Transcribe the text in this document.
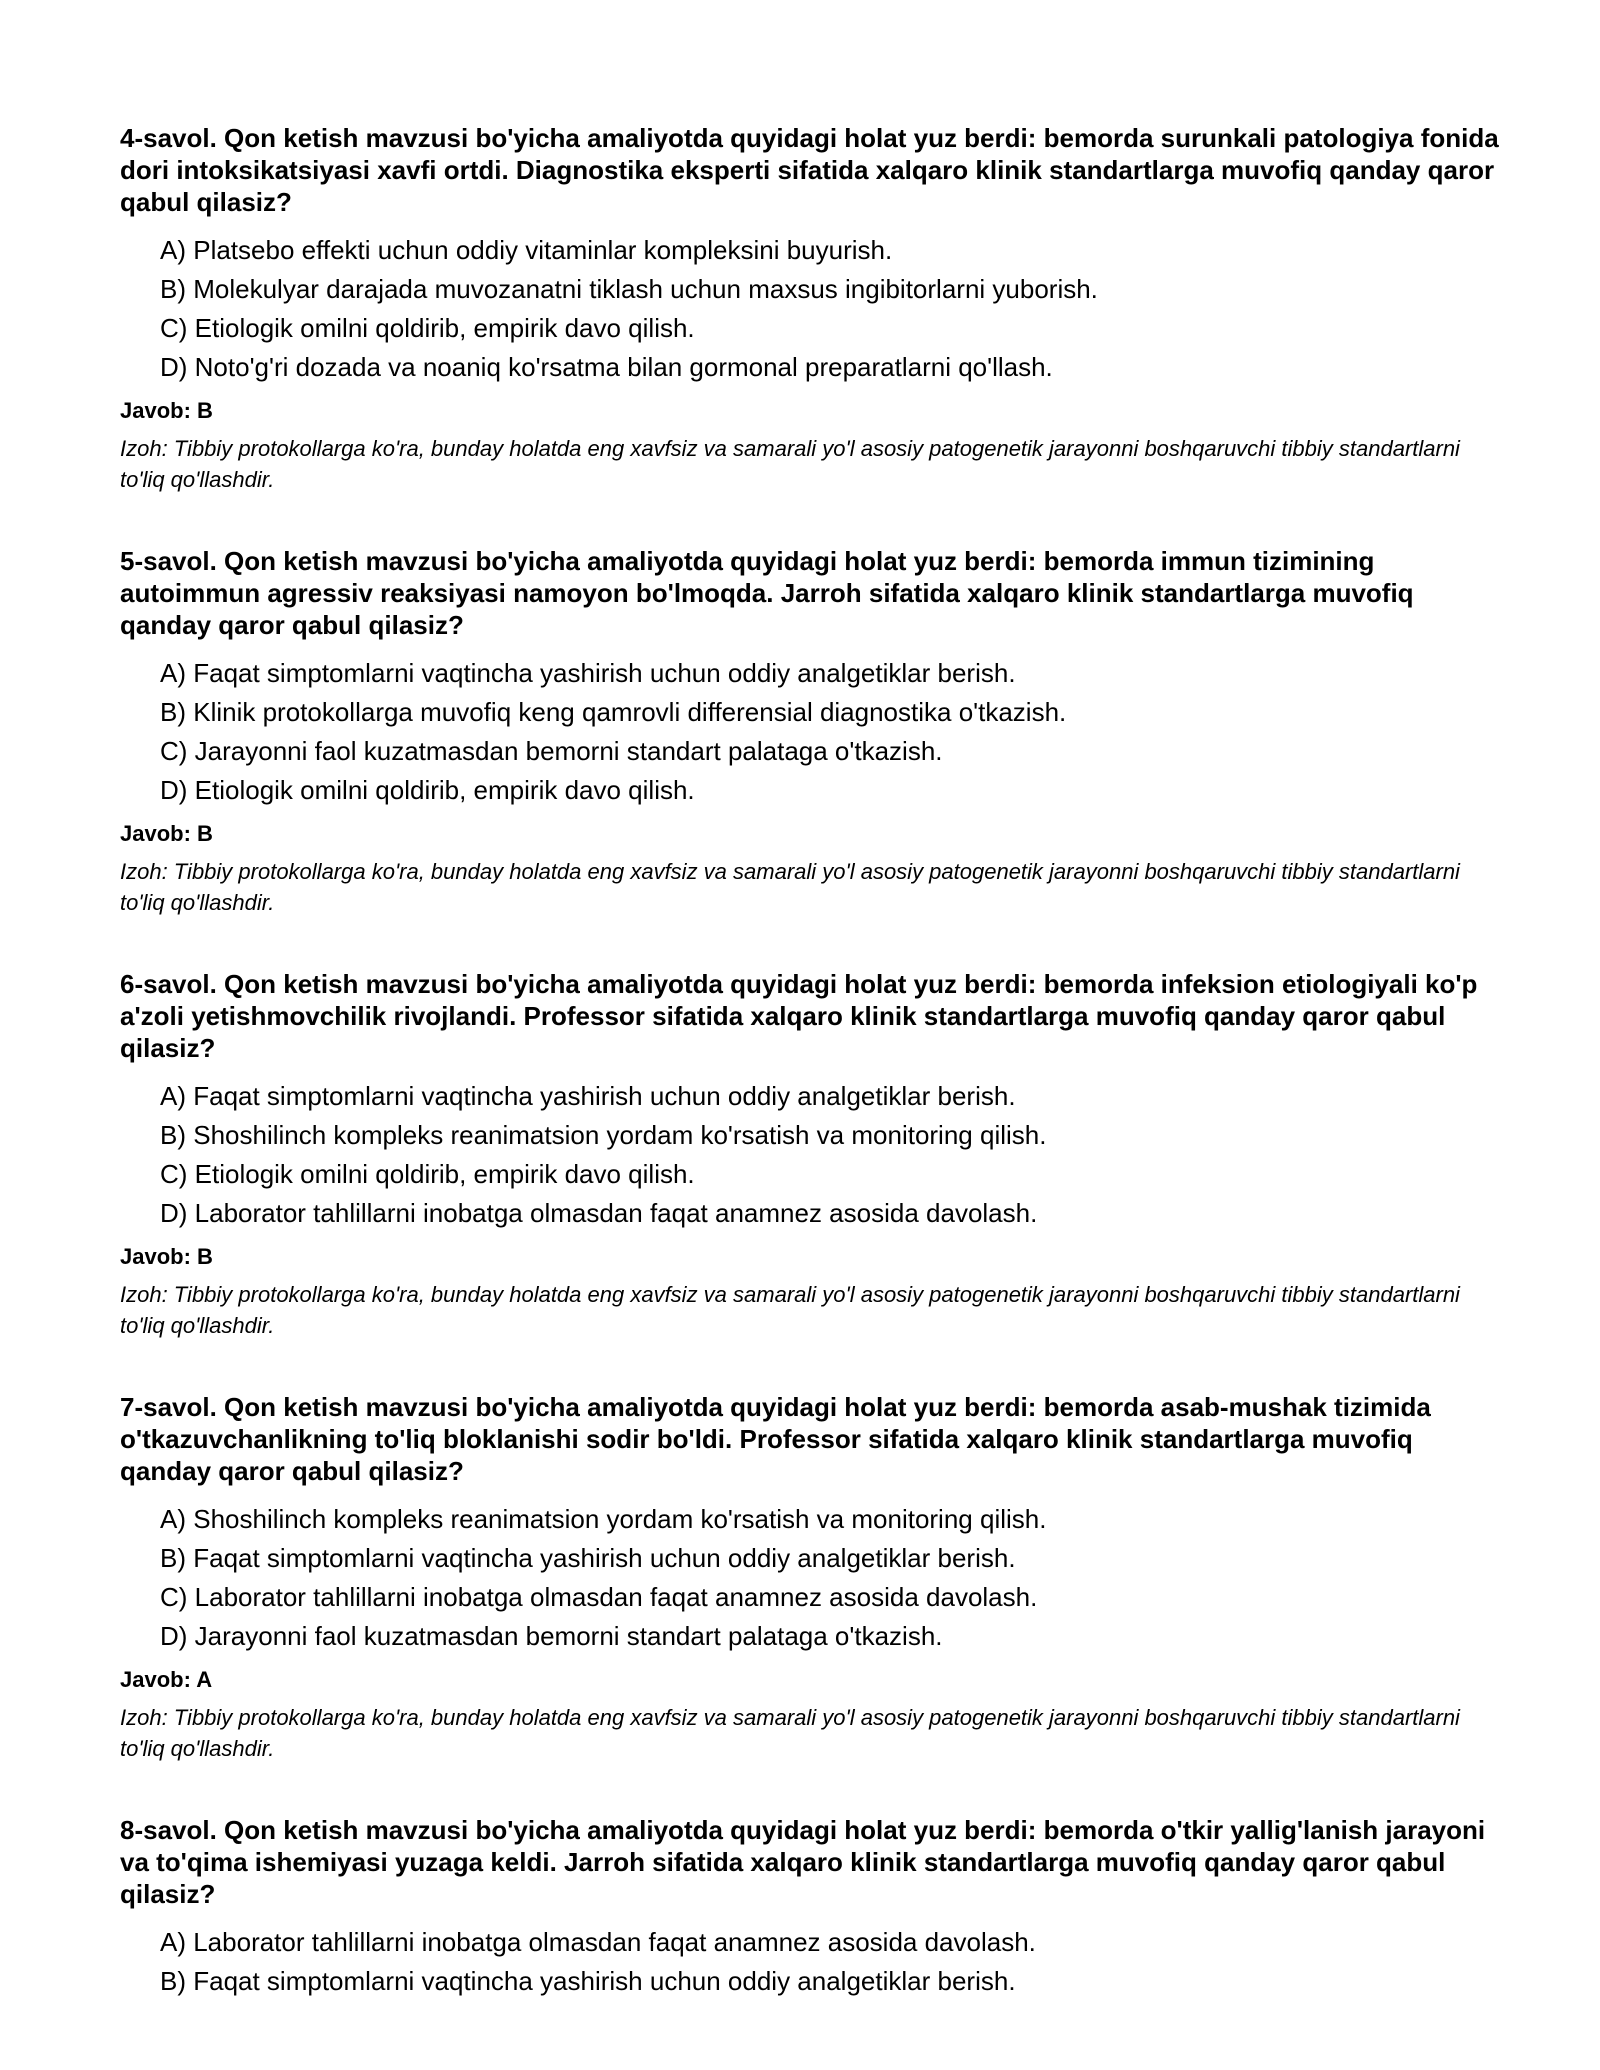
4-savol. Qon ketish mavzusi bo'yicha amaliyotda quyidagi holat yuz berdi: bemorda surunkali patologiya fonida dori intoksikatsiyasi xavfi ortdi. Diagnostika eksperti sifatida xalqaro klinik standartlarga muvofiq qanday qaror qabul qilasiz?
A) Platsebo effekti uchun oddiy vitaminlar kompleksini buyurish.
B) Molekulyar darajada muvozanatni tiklash uchun maxsus ingibitorlarni yuborish.
C) Etiologik omilni qoldirib, empirik davo qilish.
D) Noto'g'ri dozada va noaniq ko'rsatma bilan gormonal preparatlarni qo'llash.
Javob: B

Izoh: Tibbiy protokollarga ko'ra, bunday holatda eng xavfsiz va samarali yo'l asosiy patogenetik jarayonni boshqaruvchi tibbiy standartlarni to'liq qo'llashdir.

5-savol. Qon ketish mavzusi bo'yicha amaliyotda quyidagi holat yuz berdi: bemorda immun tizimining autoimmun agressiv reaksiyasi namoyon bo'lmoqda. Jarroh sifatida xalqaro klinik standartlarga muvofiq qanday qaror qabul qilasiz?
A) Faqat simptomlarni vaqtincha yashirish uchun oddiy analgetiklar berish.
B) Klinik protokollarga muvofiq keng qamrovli differensial diagnostika o'tkazish.
C) Jarayonni faol kuzatmasdan bemorni standart palataga o'tkazish.
D) Etiologik omilni qoldirib, empirik davo qilish.
Javob: B

Izoh: Tibbiy protokollarga ko'ra, bunday holatda eng xavfsiz va samarali yo'l asosiy patogenetik jarayonni boshqaruvchi tibbiy standartlarni to'liq qo'llashdir.

6-savol. Qon ketish mavzusi bo'yicha amaliyotda quyidagi holat yuz berdi: bemorda infeksion etiologiyali ko'p a'zoli yetishmovchilik rivojlandi. Professor sifatida xalqaro klinik standartlarga muvofiq qanday qaror qabul qilasiz?
A) Faqat simptomlarni vaqtincha yashirish uchun oddiy analgetiklar berish.
B) Shoshilinch kompleks reanimatsion yordam ko'rsatish va monitoring qilish.
C) Etiologik omilni qoldirib, empirik davo qilish.
D) Laborator tahlillarni inobatga olmasdan faqat anamnez asosida davolash.
Javob: B

Izoh: Tibbiy protokollarga ko'ra, bunday holatda eng xavfsiz va samarali yo'l asosiy patogenetik jarayonni boshqaruvchi tibbiy standartlarni to'liq qo'llashdir.

7-savol. Qon ketish mavzusi bo'yicha amaliyotda quyidagi holat yuz berdi: bemorda asab-mushak tizimida o'tkazuvchanlikning to'liq bloklanishi sodir bo'ldi. Professor sifatida xalqaro klinik standartlarga muvofiq qanday qaror qabul qilasiz?
A) Shoshilinch kompleks reanimatsion yordam ko'rsatish va monitoring qilish.
B) Faqat simptomlarni vaqtincha yashirish uchun oddiy analgetiklar berish.
C) Laborator tahlillarni inobatga olmasdan faqat anamnez asosida davolash.
D) Jarayonni faol kuzatmasdan bemorni standart palataga o'tkazish.
Javob: A

Izoh: Tibbiy protokollarga ko'ra, bunday holatda eng xavfsiz va samarali yo'l asosiy patogenetik jarayonni boshqaruvchi tibbiy standartlarni to'liq qo'llashdir.

8-savol. Qon ketish mavzusi bo'yicha amaliyotda quyidagi holat yuz berdi: bemorda o'tkir yallig'lanish jarayoni va to'qima ishemiyasi yuzaga keldi. Jarroh sifatida xalqaro klinik standartlarga muvofiq qanday qaror qabul qilasiz?
A) Laborator tahlillarni inobatga olmasdan faqat anamnez asosida davolash.
B) Faqat simptomlarni vaqtincha yashirish uchun oddiy analgetiklar berish.
